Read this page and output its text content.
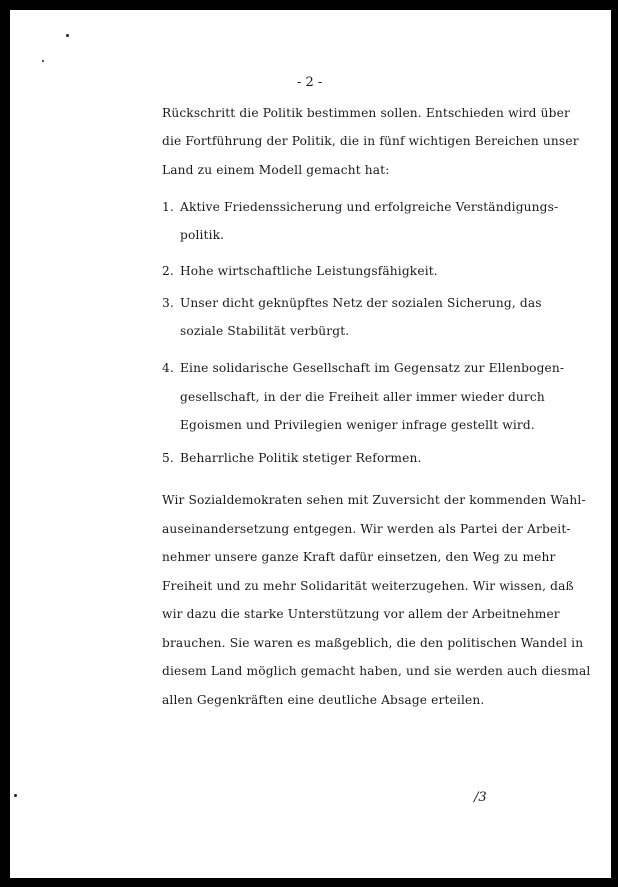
- 2 -
Rückschritt die Politik bestimmen sollen. Entschieden wird über
die Fortführung der Politik, die in fünf wichtigen Bereichen unser
Land zu einem Modell gemacht hat:
1. Aktive Friedenssicherung und erfolgreiche Verständigungs-
politik.
2. Hohe wirtschaftliche Leistungsfähigkeit.
3. Unser dicht geknüpftes Netz der sozialen Sicherung, das
soziale Stabilität verbürgt.
4. Eine solidarische Gesellschaft im Gegensatz zur Ellenbogen-
gesellschaft, in der die Freiheit aller immer wieder durch
Egoismen und Privilegien weniger infrage gestellt wird.
5. Beharrliche Politik stetiger Reformen.
Wir Sozialdemokraten sehen mit Zuversicht der kommenden Wahl-
auseinandersetzung entgegen. Wir werden als Partei der Arbeit-
nehmer unsere ganze Kraft dafür einsetzen, den Weg zu mehr
Freiheit und zu mehr Solidarität weiterzugehen. Wir wissen, daß
wir dazu die starke Unterstützung vor allem der Arbeitnehmer
brauchen. Sie waren es maßgeblich, die den politischen Wandel in
diesem Land möglich gemacht haben, und sie werden auch diesmal
allen Gegenkräften eine deutliche Absage erteilen.
/3
